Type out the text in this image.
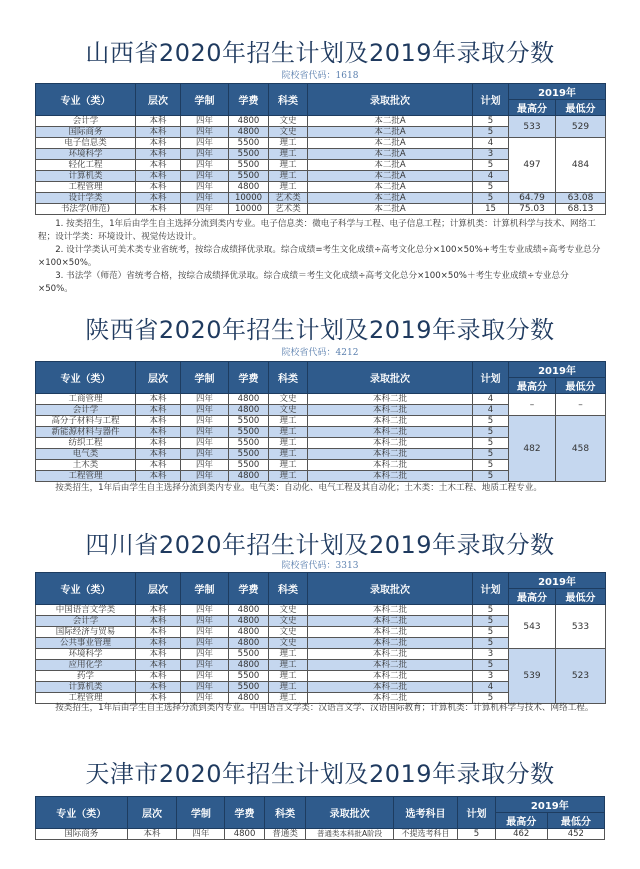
山西省2020年招生计划及2019年录取分数
院校省代码：1618
专业（类）	层次	学制	学费	科类	录取批次	计划	2019年	
							最高分	最低分
会计学	本科	四年	4800	文史	本二批A	5	533	529
国际商务	本科	四年	4800	文史	本二批A	5		
电子信息类	本科	四年	5500	理工	本二批A	4	497	484
环境科学	本科	四年	5500	理工	本二批A	3		
轻化工程	本科	四年	5500	理工	本二批A	5		
计算机类	本科	四年	5500	理工	本二批A	4		
工程管理	本科	四年	4800	理工	本二批A	5		
设计学类	本科	四年	10000	艺术类	本二批A	5	64.79	63.08
书法学(师范)	本科	四年	10000	艺术类	本二批A	15	75.03	68.13

1. 按类招生，1年后由学生自主选择分流到类内专业。电子信息类：微电子科学与工程、电子信息工程；计算机类：计算机科学与技术、网络工程；设计学类：环境设计、视觉传达设计。

2. 设计学类认可美术类专业省统考，按综合成绩择优录取。综合成绩=考生文化成绩÷高考文化总分×100×50%+考生专业成绩÷高考专业总分×100×50%。

3. 书法学（师范）省统考合格，按综合成绩择优录取。综合成绩＝考生文化成绩÷高考文化总分×100×50%＋考生专业成绩÷专业总分×50%。

陕西省2020年招生计划及2019年录取分数
院校省代码：4212
专业（类）	层次	学制	学费	科类	录取批次	计划	2019年	
							最高分	最低分
工商管理	本科	四年	4800	文史	本科二批	4	–	–
会计学	本科	四年	4800	文史	本科二批	4		
高分子材料与工程	本科	四年	5500	理工	本科二批	5	482	458
新能源材料与器件	本科	四年	5500	理工	本科二批	5		
纺织工程	本科	四年	5500	理工	本科二批	5		
电气类	本科	四年	5500	理工	本科二批	5		
土木类	本科	四年	5500	理工	本科二批	5		
工程管理	本科	四年	4800	理工	本科二批	5		

按类招生，1年后由学生自主选择分流到类内专业。电气类：自动化、电气工程及其自动化；土木类：土木工程、地质工程专业。

四川省2020年招生计划及2019年录取分数
院校省代码：3313
专业（类）	层次	学制	学费	科类	录取批次	计划	2019年	
							最高分	最低分
中国语言文学类	本科	四年	4800	文史	本科二批	5	543	533
会计学	本科	四年	4800	文史	本科二批	5		
国际经济与贸易	本科	四年	4800	文史	本科二批	5		
公共事业管理	本科	四年	4800	文史	本科二批	5		
环境科学	本科	四年	5500	理工	本科二批	3	539	523
应用化学	本科	四年	4800	理工	本科二批	5		
药学	本科	四年	5500	理工	本科二批	3		
计算机类	本科	四年	5500	理工	本科二批	4		
工程管理	本科	四年	4800	理工	本科二批	5		

按类招生，1年后由学生自主选择分流到类内专业。中国语言文学类：汉语言文学、汉语国际教育；计算机类：计算机科学与技术、网络工程。

天津市2020年招生计划及2019年录取分数
专业（类）	层次	学制	学费	科类	录取批次	选考科目	计划	2019年	
								最高分	最低分
国际商务	本科	四年	4800	普通类	普通类本科批A阶段	不提选考科目	5	462	452
